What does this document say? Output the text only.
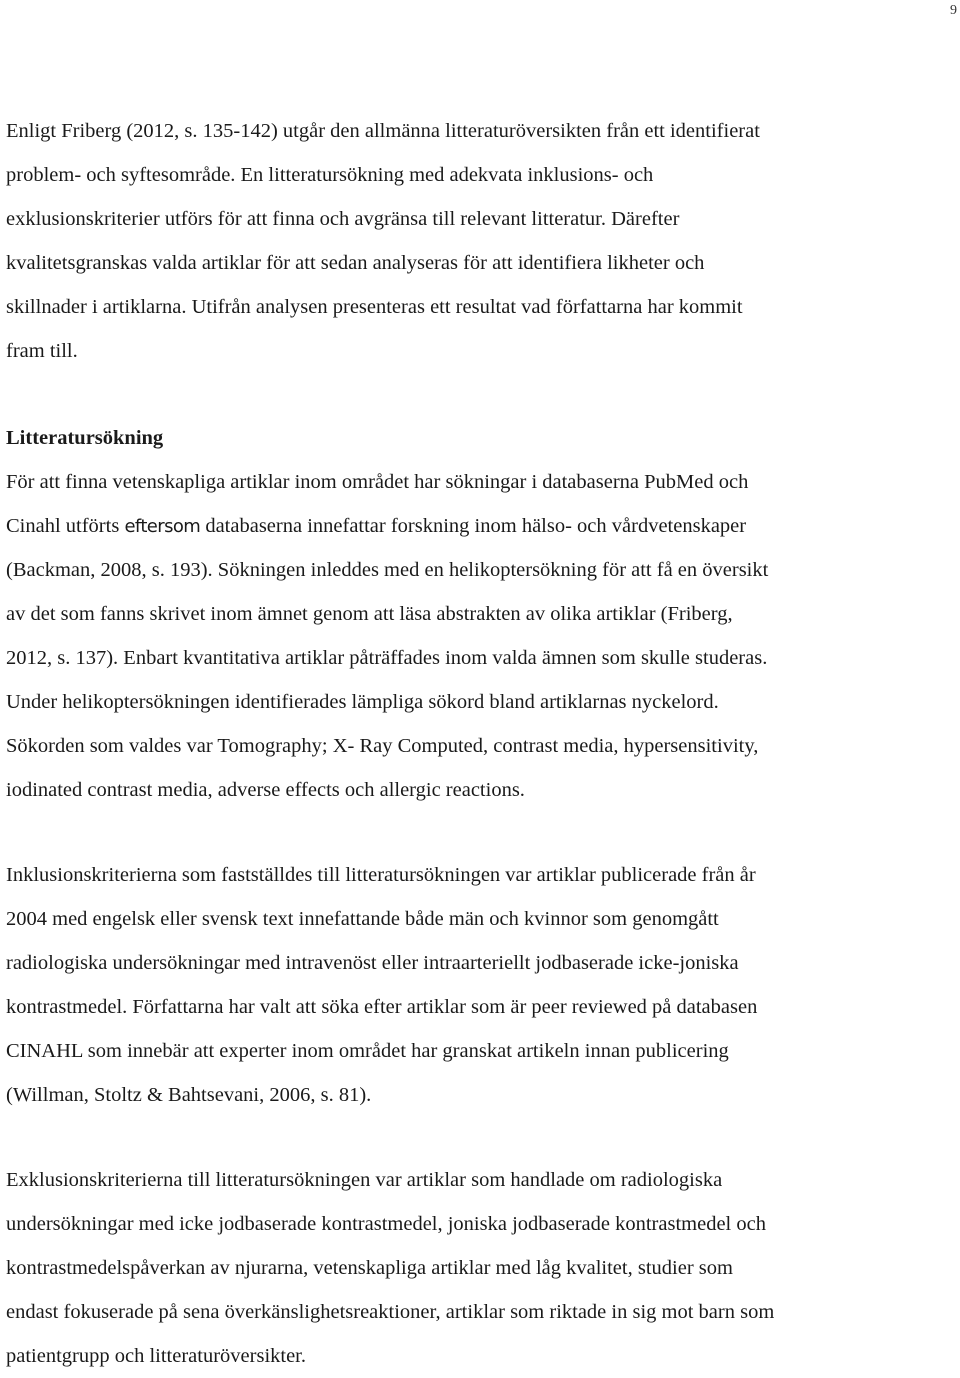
9
Enligt Friberg (2012, s. 135-142) utgår den allmänna litteraturöversikten från ett identifierat
problem- och syftesområde. En litteratursökning med adekvata inklusions- och
exklusionskriterier utförs för att finna och avgränsa till relevant litteratur. Därefter
kvalitetsgranskas valda artiklar för att sedan analyseras för att identifiera likheter och
skillnader i artiklarna. Utifrån analysen presenteras ett resultat vad författarna har kommit
fram till.
Litteratursökning
För att finna vetenskapliga artiklar inom området har sökningar i databaserna PubMed och
Cinahl utförts eftersom databaserna innefattar forskning inom hälso- och vårdvetenskaper
(Backman, 2008, s. 193). Sökningen inleddes med en helikoptersökning för att få en översikt
av det som fanns skrivet inom ämnet genom att läsa abstrakten av olika artiklar (Friberg,
2012, s. 137). Enbart kvantitativa artiklar påträffades inom valda ämnen som skulle studeras.
Under helikoptersökningen identifierades lämpliga sökord bland artiklarnas nyckelord.
Sökorden som valdes var Tomography; X- Ray Computed, contrast media, hypersensitivity,
iodinated contrast media, adverse effects och allergic reactions.
Inklusionskriterierna som fastställdes till litteratursökningen var artiklar publicerade från år
2004 med engelsk eller svensk text innefattande både män och kvinnor som genomgått
radiologiska undersökningar med intravenöst eller intraarteriellt jodbaserade icke-joniska
kontrastmedel. Författarna har valt att söka efter artiklar som är peer reviewed på databasen
CINAHL som innebär att experter inom området har granskat artikeln innan publicering
(Willman, Stoltz & Bahtsevani, 2006, s. 81).
Exklusionskriterierna till litteratursökningen var artiklar som handlade om radiologiska
undersökningar med icke jodbaserade kontrastmedel, joniska jodbaserade kontrastmedel och
kontrastmedelspåverkan av njurarna, vetenskapliga artiklar med låg kvalitet, studier som
endast fokuserade på sena överkänslighetsreaktioner, artiklar som riktade in sig mot barn som
patientgrupp och litteraturöversikter.
